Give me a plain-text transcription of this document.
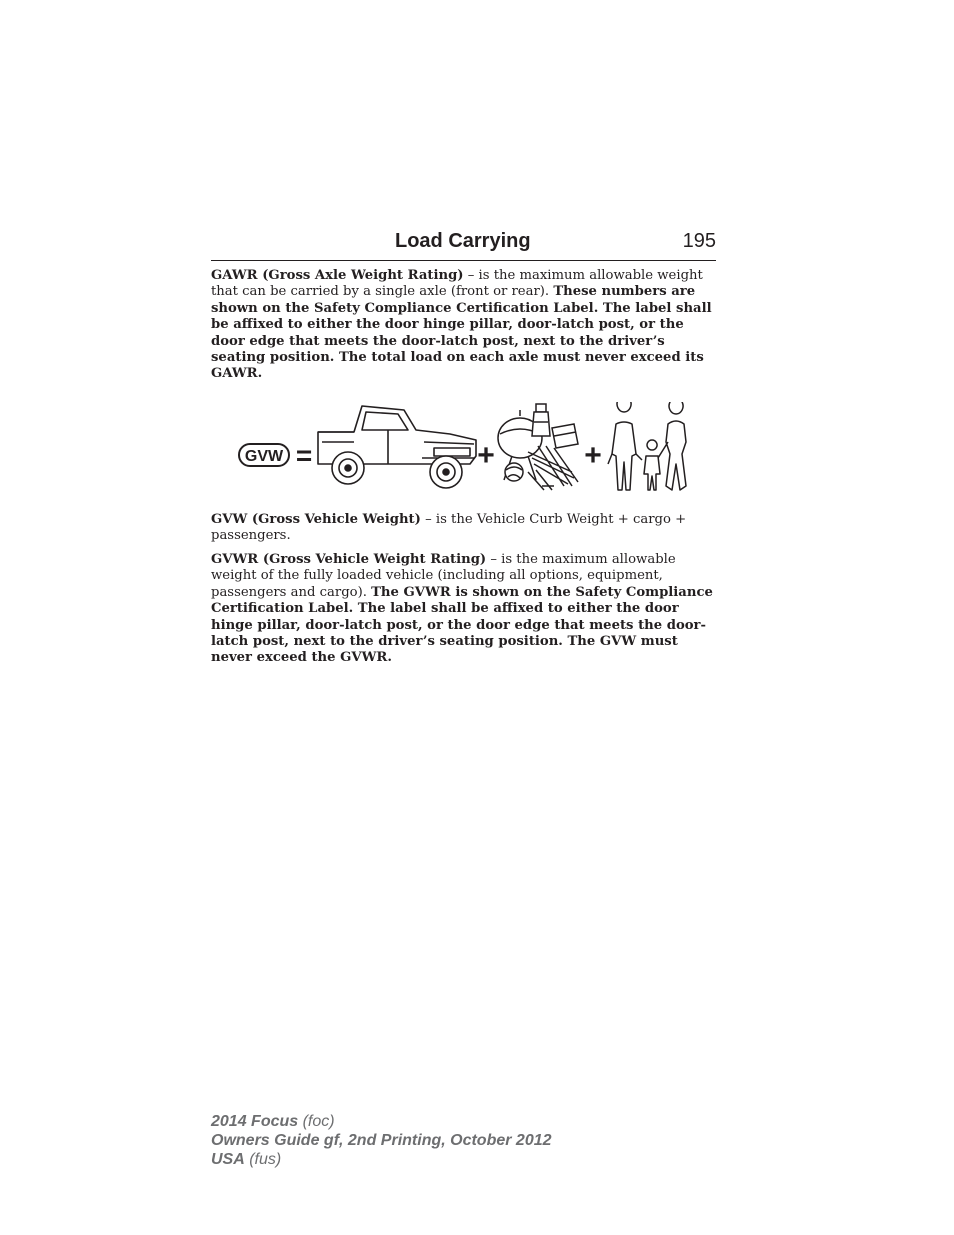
Load Carrying	195

GAWR (Gross Axle Weight Rating) – is the maximum allowable weight that can be carried by a single axle (front or rear). These numbers are shown on the Safety Compliance Certification Label. The label shall be affixed to either the door hinge pillar, door-latch post, or the door edge that meets the door-latch post, next to the driver’s seating position. The total load on each axle must never exceed its GAWR.

GVW =	+	+

GVW (Gross Vehicle Weight) – is the Vehicle Curb Weight + cargo + passengers.

GVWR (Gross Vehicle Weight Rating) – is the maximum allowable weight of the fully loaded vehicle (including all options, equipment, passengers and cargo). The GVWR is shown on the Safety Compliance Certification Label. The label shall be affixed to either the door hinge pillar, door-latch post, or the door edge that meets the door-latch post, next to the driver’s seating position. The GVW must never exceed the GVWR.

2014 Focus (foc)
Owners Guide gf, 2nd Printing, October 2012
USA (fus)
